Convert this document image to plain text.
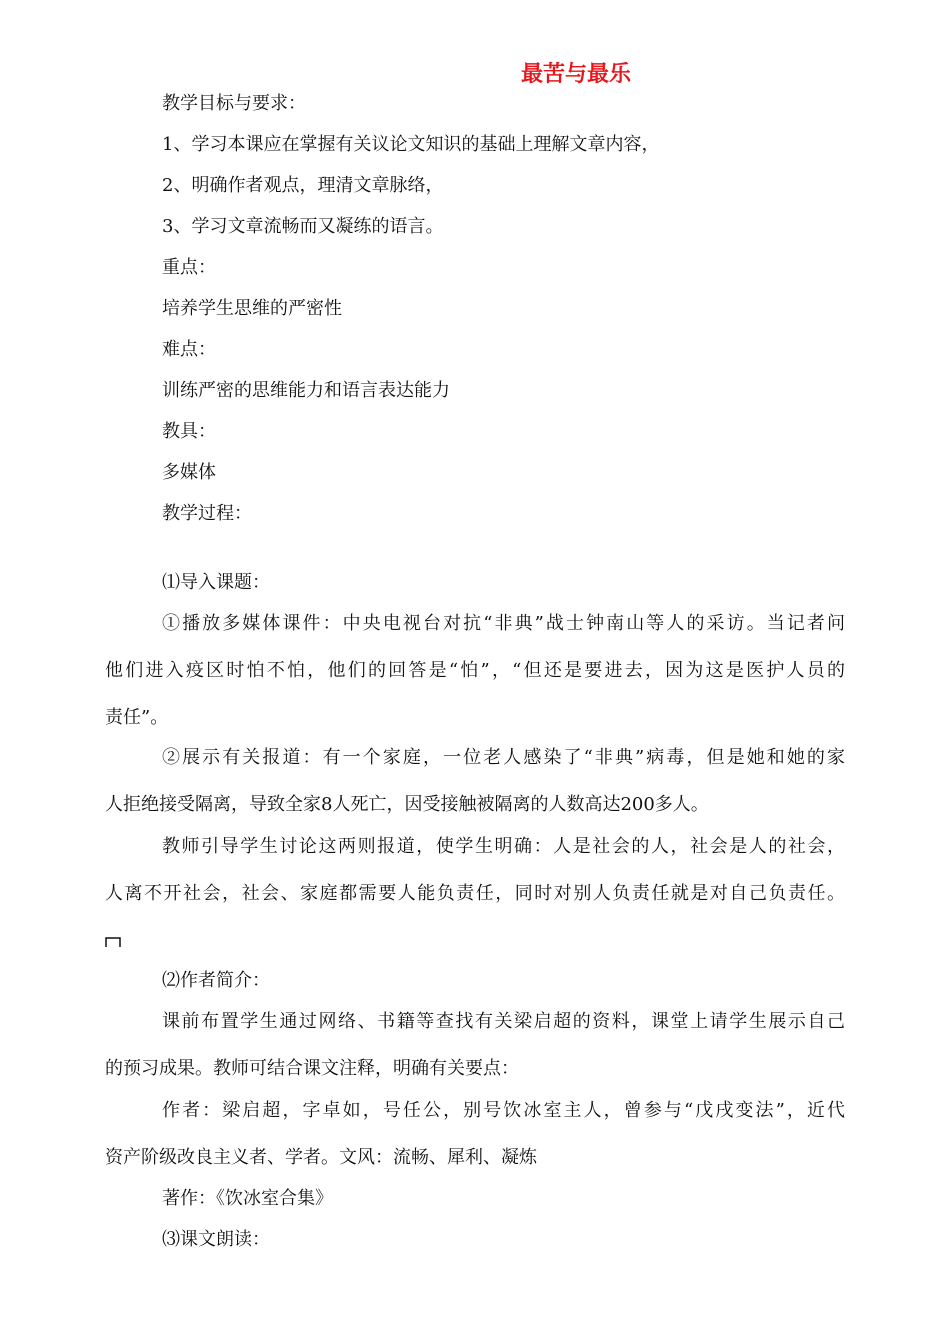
最苦与最乐
教学目标与要求：
1、学习本课应在掌握有关议论文知识的基础上理解文章内容，
2、明确作者观点，理清文章脉络，
3、学习文章流畅而又凝练的语言。
重点：
培养学生思维的严密性
难点：
训练严密的思维能力和语言表达能力
教具：
多媒体
教学过程：
⑴导入课题：
①播放多媒体课件：中央电视台对抗“非典”战士钟南山等人的采访。当记者问
他们进入疫区时怕不怕，他们的回答是“怕”，“但还是要进去，因为这是医护人员的
责任”。
②展示有关报道：有一个家庭，一位老人感染了“非典”病毒，但是她和她的家
人拒绝接受隔离，导致全家8人死亡，因受接触被隔离的人数高达200多人。
教师引导学生讨论这两则报道，使学生明确：人是社会的人，社会是人的社会，
人离不开社会，社会、家庭都需要人能负责任，同时对别人负责任就是对自己负责任。
⑵作者简介：
课前布置学生通过网络、书籍等查找有关梁启超的资料，课堂上请学生展示自己
的预习成果。教师可结合课文注释，明确有关要点：
作者：梁启超，字卓如，号任公，别号饮冰室主人，曾参与“戊戌变法”，近代
资产阶级改良主义者、学者。文风：流畅、犀利、凝炼
著作：《饮冰室合集》
⑶课文朗读：
